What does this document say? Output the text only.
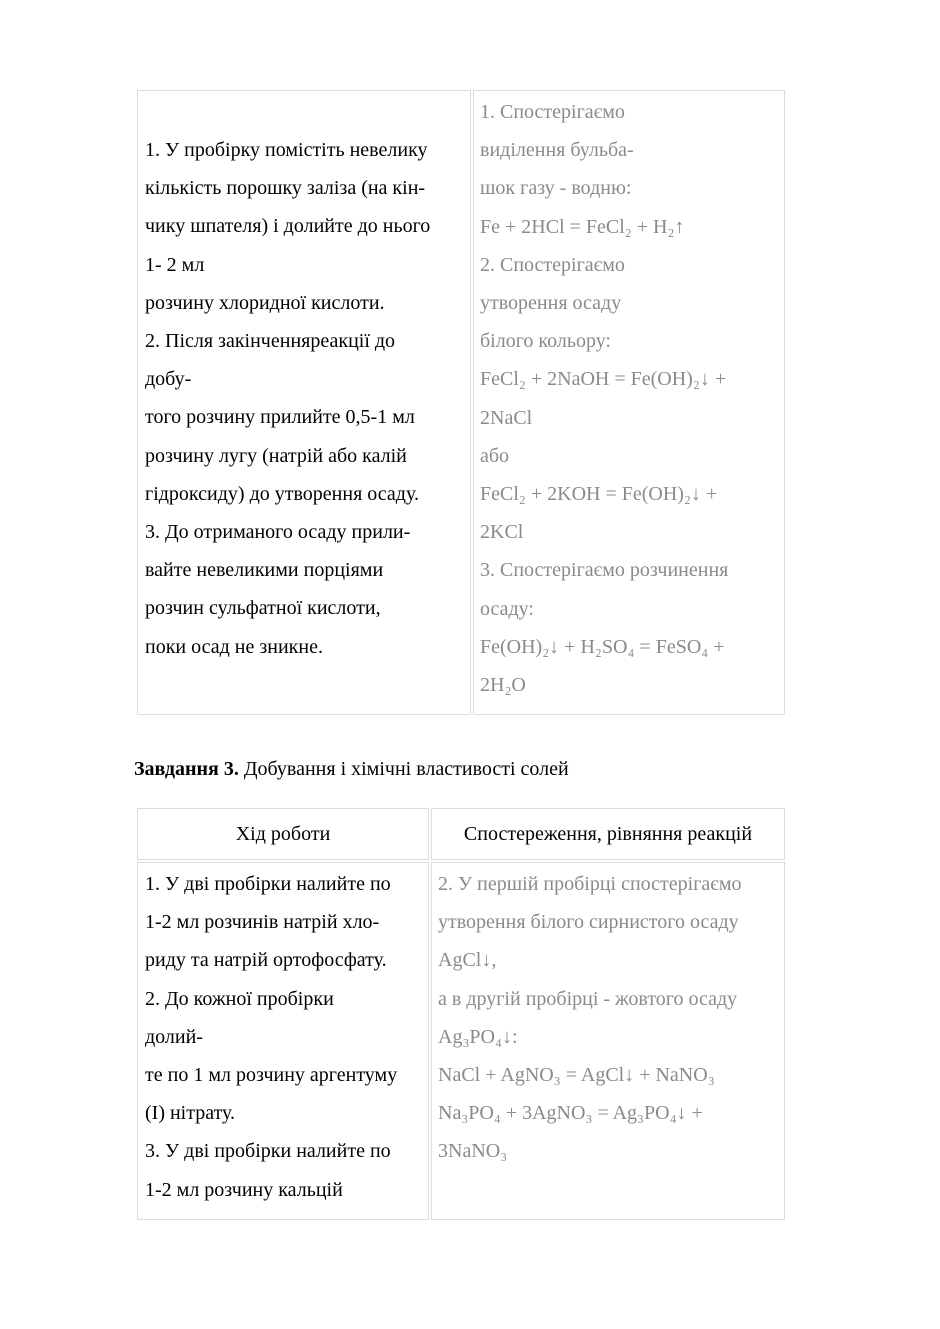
1. У пробірку помістіть невелику
кількість порошку заліза (на кін-
чику шпателя) і долийте до нього
1- 2 мл
розчину хлоридної кислоти.
2. Після закінченняреакції до
добу-
того розчину прилийте 0,5-1 мл
розчину лугу (натрій або калій
гідроксиду) до утворення осаду.
3. До отриманого осаду прили-
вайте невеликими порціями
розчин сульфатної кислоти,
поки осад не зникне.
1. Спостерігаємо
виділення бульба-
шок газу - водню:
Fe + 2HCl = FeCl₂ + H₂↑
2. Спостерігаємо
утворення осаду
білого кольору:
FeCl₂ + 2NaOH = Fe(OH)₂↓ +
2NaCl
або
FeCl₂ + 2KOH = Fe(OH)₂↓ +
2KCl
3. Спостерігаємо розчинення
осаду:
Fe(OH)₂↓ + H₂SO₄ = FeSO₄ +
2H₂O
Завдання 3. Добування і хімічні властивості солей
Хід роботи	Спостереження, рівняння реакцій
1. У дві пробірки налийте по
1-2 мл розчинів натрій хло-
риду та натрій ортофосфату.
2. До кожної пробірки
долий-
те по 1 мл розчину аргентуму
(І) нітрату.
3. У дві пробірки налийте по
1-2 мл розчину кальцій
2. У першій пробірці спостерігаємо
утворення білого сирнистого осаду
AgCl↓,
а в другій пробірці - жовтого осаду
Ag₃PO₄↓:
NaCl + AgNO₃ = AgCl↓ + NaNO₃
Na₃PO₄ + 3AgNO₃ = Ag₃PO₄↓ +
3NaNO₃
